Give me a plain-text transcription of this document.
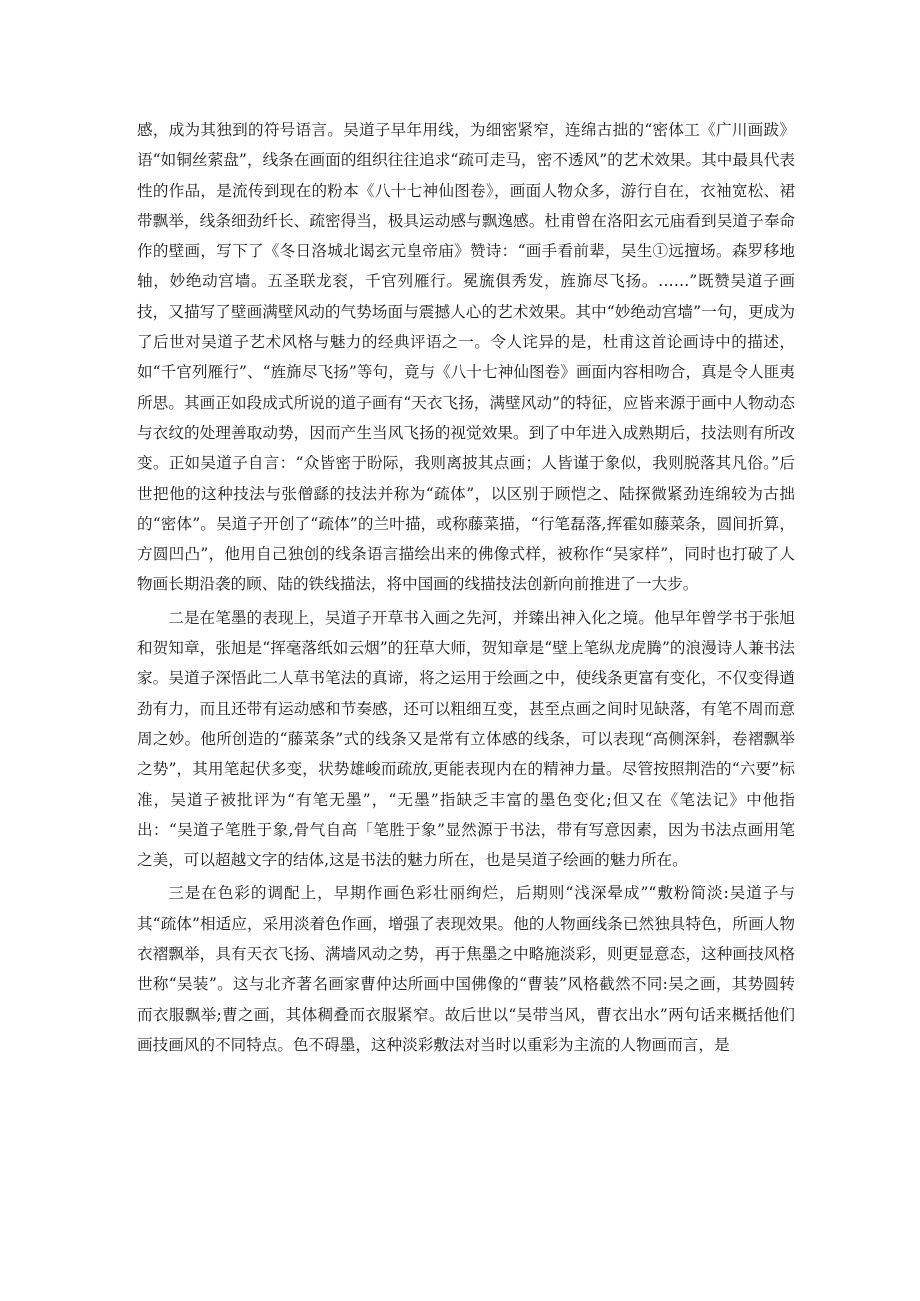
感，成为其独到的符号语言。吴道子早年用线，为细密紧窄，连绵古拙的“密体工《广川画跋》语“如铜丝萦盘”，线条在画面的组织往往追求“疏可走马，密不透风”的艺术效果。其中最具代表性的作品，是流传到现在的粉本《八十七神仙图卷》，画面人物众多，游行自在，衣袖宽松、裙带飘举，线条细劲纤长、疏密得当，极具运动感与飘逸感。杜甫曾在洛阳玄元庙看到吴道子奉命作的壁画，写下了《冬日洛城北谒玄元皇帝庙》赞诗：“画手看前辈，吴生①远擅场。森罗移地轴，妙绝动宫墙。五圣联龙衮，千官列雁行。冕旒俱秀发，旌旆尽飞扬。……”既赞吴道子画技，又描写了壁画满壁风动的气势场面与震撼人心的艺术效果。其中“妙绝动宫墙”一句，更成为了后世对吴道子艺术风格与魅力的经典评语之一。令人诧异的是，杜甫这首论画诗中的描述，如“千官列雁行”、“旌旆尽飞扬”等句，竟与《八十七神仙图卷》画面内容相吻合，真是令人匪夷所思。其画正如段成式所说的道子画有“天衣飞扬，满壁风动”的特征，应皆来源于画中人物动态与衣纹的处理善取动势，因而产生当风飞扬的视觉效果。到了中年进入成熟期后，技法则有所改变。正如吴道子自言：“众皆密于盼际，我则离披其点画；人皆谨于象似，我则脱落其凡俗。”后世把他的这种技法与张僧繇的技法并称为“疏体”，以区别于顾恺之、陆探微紧劲连绵较为古拙的“密体”。吴道子开创了“疏体”的兰叶描，或称藤菜描，“行笔磊落,挥霍如藤菜条，圆间折算，方圆凹凸”，他用自己独创的线条语言描绘出来的佛像式样，被称作“吴家样”，同时也打破了人物画长期沿袭的顾、陆的铁线描法，将中国画的线描技法创新向前推进了一大步。

二是在笔墨的表现上，吴道子开草书入画之先河，并臻出神入化之境。他早年曾学书于张旭和贺知章，张旭是“挥毫落纸如云烟”的狂草大师，贺知章是“壁上笔纵龙虎腾”的浪漫诗人兼书法家。吴道子深悟此二人草书笔法的真谛，将之运用于绘画之中，使线条更富有变化，不仅变得遒劲有力，而且还带有运动感和节奏感，还可以粗细互变，甚至点画之间时见缺落，有笔不周而意周之妙。他所创造的“藤菜条”式的线条又是常有立体感的线条，可以表现“高侧深斜，卷褶飘举之势”，其用笔起伏多变，状势雄峻而疏放,更能表现内在的精神力量。尽管按照荆浩的“六要”标准，吴道子被批评为“有笔无墨”，“无墨”指缺乏丰富的墨色变化;但又在《笔法记》中他指出：“吴道子笔胜于象,骨气自高「笔胜于象”显然源于书法，带有写意因素，因为书法点画用笔之美，可以超越文字的结体,这是书法的魅力所在，也是吴道子绘画的魅力所在。

三是在色彩的调配上，早期作画色彩壮丽绚烂，后期则“浅深晕成”“敷粉简淡:吴道子与其“疏体”相适应，采用淡着色作画，增强了表现效果。他的人物画线条已然独具特色，所画人物衣褶飘举，具有天衣飞扬、满墙风动之势，再于焦墨之中略施淡彩，则更显意态，这种画技风格世称“吴装”。这与北齐著名画家曹仲达所画中国佛像的“曹装”风格截然不同:吴之画，其势圆转而衣服飘举;曹之画，其体稠叠而衣服紧窄。故后世以“吴带当风，曹衣出水”两句话来概括他们画技画风的不同特点。色不碍墨，这种淡彩敷法对当时以重彩为主流的人物画而言，是
